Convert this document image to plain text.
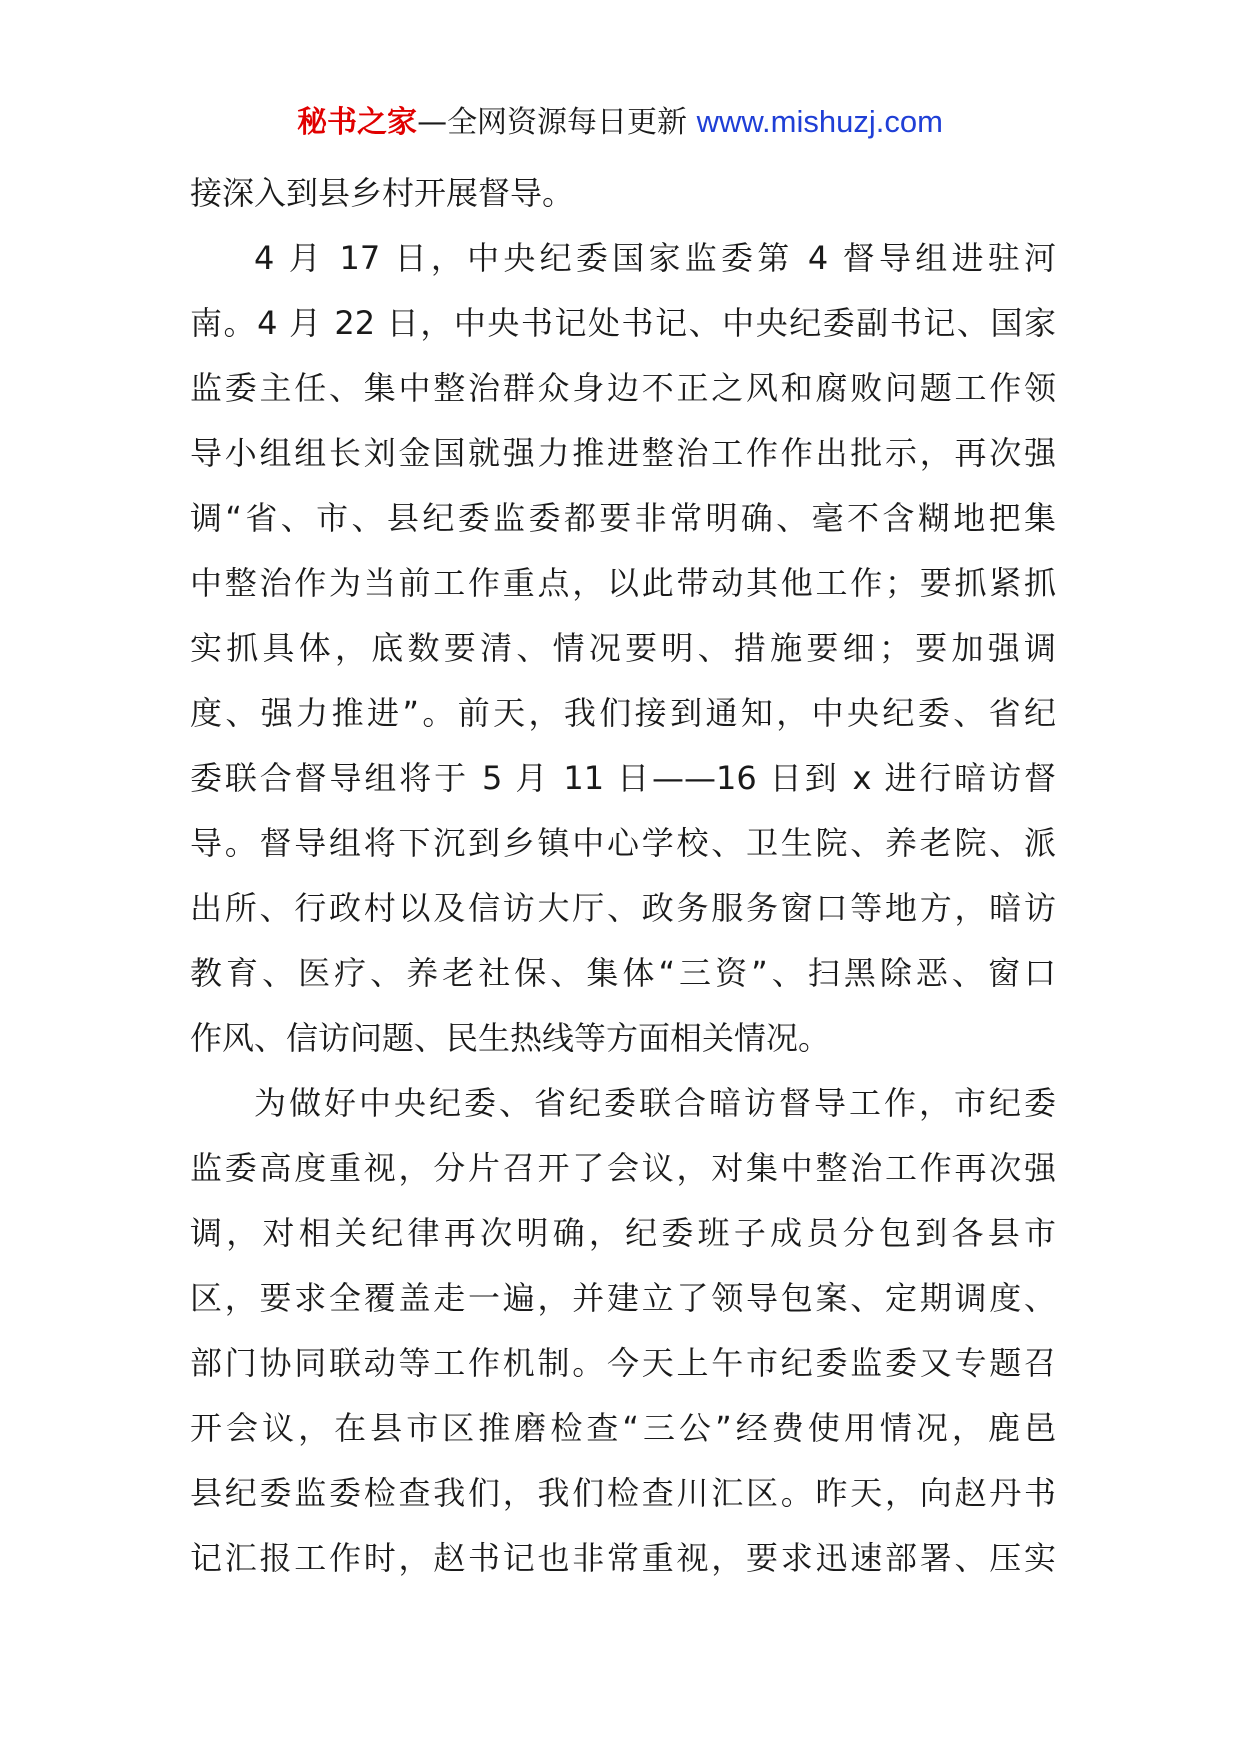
秘书之家—全网资源每日更新 www.mishuzj.com
接深入到县乡村开展督导。
4 月 17 日，中央纪委国家监委第 4 督导组进驻河
南。4 月 22 日，中央书记处书记、中央纪委副书记、国家
监委主任、集中整治群众身边不正之风和腐败问题工作领
导小组组长刘金国就强力推进整治工作作出批示，再次强
调“省、市、县纪委监委都要非常明确、毫不含糊地把集
中整治作为当前工作重点，以此带动其他工作；要抓紧抓
实抓具体，底数要清、情况要明、措施要细；要加强调
度、强力推进”。前天，我们接到通知，中央纪委、省纪
委联合督导组将于 5 月 11 日——16 日到 x 进行暗访督
导。督导组将下沉到乡镇中心学校、卫生院、养老院、派
出所、行政村以及信访大厅、政务服务窗口等地方，暗访
教育、医疗、养老社保、集体“三资”、扫黑除恶、窗口
作风、信访问题、民生热线等方面相关情况。
为做好中央纪委、省纪委联合暗访督导工作，市纪委
监委高度重视，分片召开了会议，对集中整治工作再次强
调，对相关纪律再次明确，纪委班子成员分包到各县市
区，要求全覆盖走一遍，并建立了领导包案、定期调度、
部门协同联动等工作机制。今天上午市纪委监委又专题召
开会议，在县市区推磨检查“三公”经费使用情况，鹿邑
县纪委监委检查我们，我们检查川汇区。昨天，向赵丹书
记汇报工作时，赵书记也非常重视，要求迅速部署、压实
